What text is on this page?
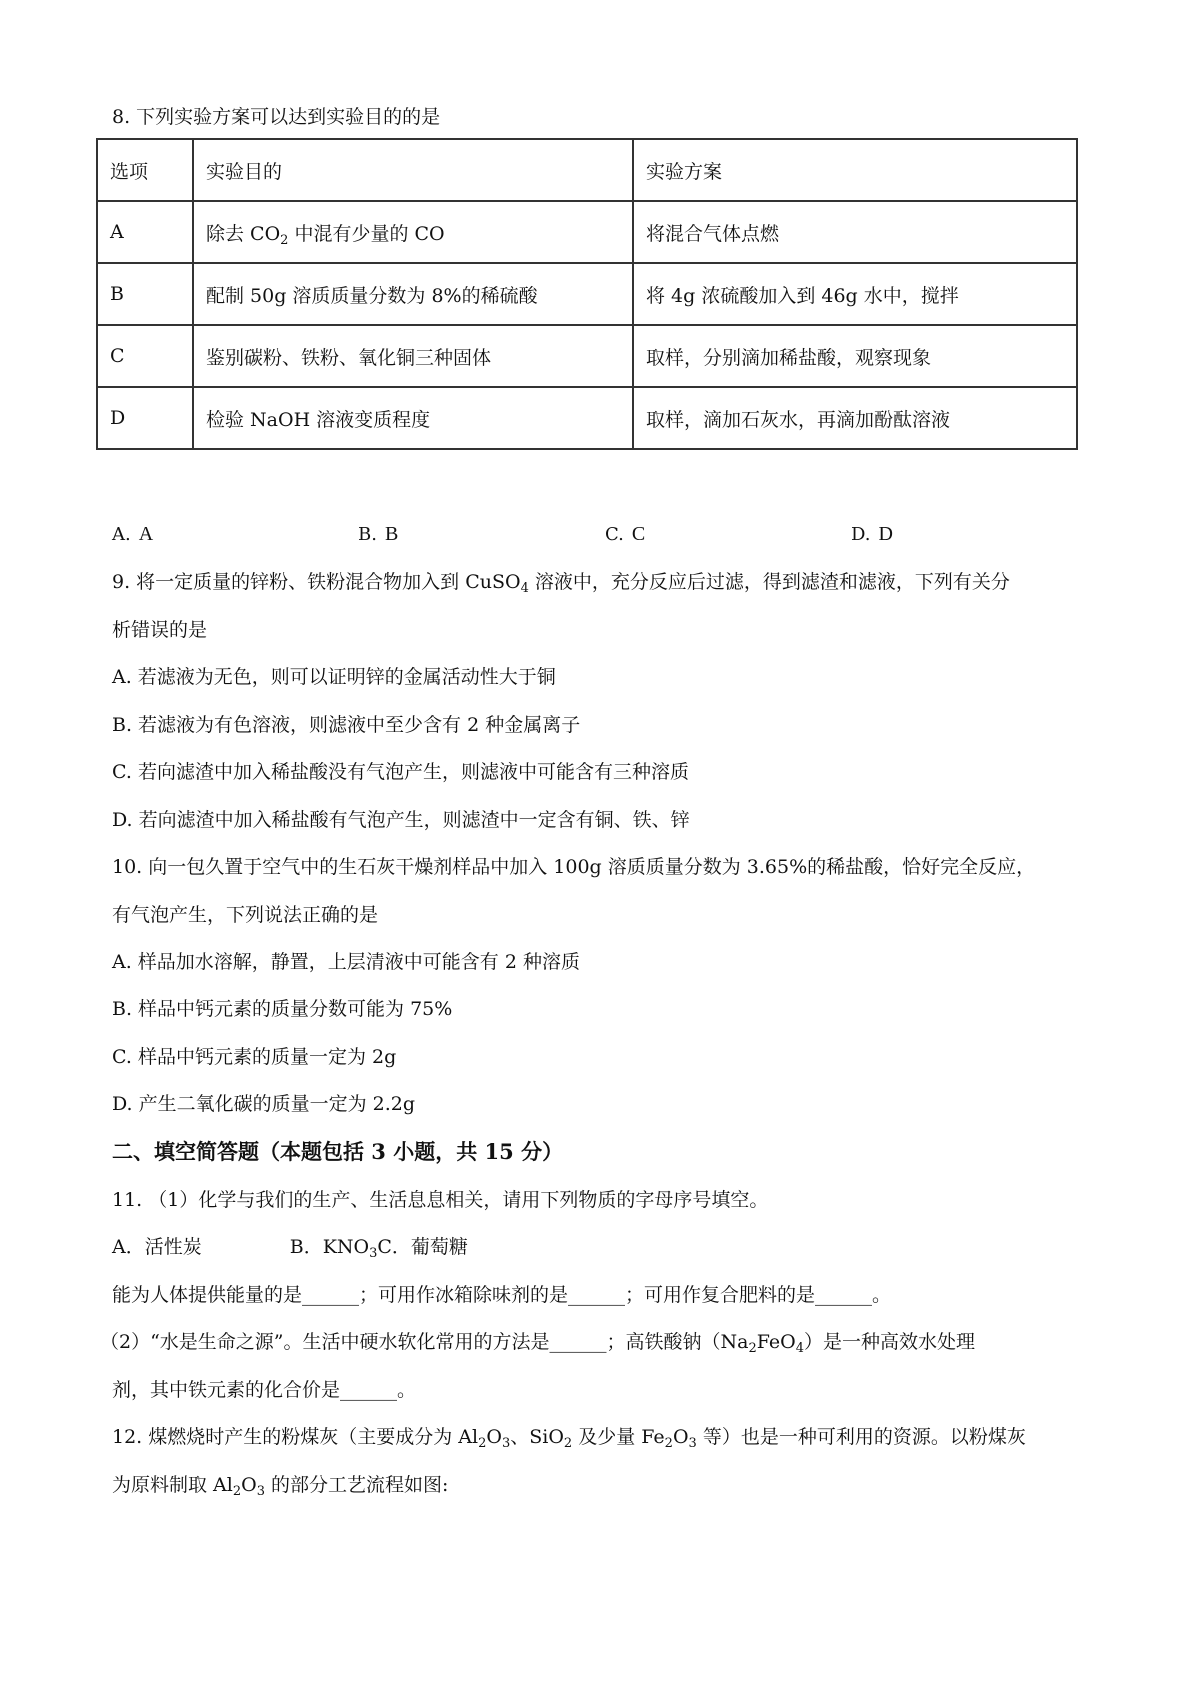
8. 下列实验方案可以达到实验目的的是
选项	实验目的	实验方案
A	除去 $CO_2$ 中混有少量的 CO	将混合气体点燃
B	配制 50g 溶质质量分数为 8%的稀硫酸	将 4g 浓硫酸加入到 46g 水中，搅拌
C	鉴别碳粉、铁粉、氧化铜三种固体	取样，分别滴加稀盐酸，观察现象
D	检验 NaOH 溶液变质程度	取样，滴加石灰水，再滴加酚酞溶液
A. A	B. B	C. C	D. D
9. 将一定质量的锌粉、铁粉混合物加入到 CuSO$_4$ 溶液中，充分反应后过滤，得到滤渣和滤液，下列有关分
析错误的是
A. 若滤液为无色，则可以证明锌的金属活动性大于铜
B. 若滤液为有色溶液，则滤液中至少含有 2 种金属离子
C. 若向滤渣中加入稀盐酸没有气泡产生，则滤液中可能含有三种溶质
D. 若向滤渣中加入稀盐酸有气泡产生，则滤渣中一定含有铜、铁、锌
10. 向一包久置于空气中的生石灰干燥剂样品中加入 100g 溶质质量分数为 3.65%的稀盐酸，恰好完全反应，
有气泡产生，下列说法正确的是
A. 样品加水溶解，静置，上层清液中可能含有 2 种溶质
B. 样品中钙元素的质量分数可能为 75%
C. 样品中钙元素的质量一定为 2g
D. 产生二氧化碳的质量一定为 2.2g
二、填空简答题（本题包括 3 小题，共 15 分）
11. （1）化学与我们的生产、生活息息相关，请用下列物质的字母序号填空。
A．活性炭	B．$KNO_3C$．葡萄糖
能为人体提供能量的是______；可用作冰箱除味剂的是______；可用作复合肥料的是______。
（2）“水是生命之源”。生活中硬水软化常用的方法是______；高铁酸钠$(Na_2FeO_4)$是一种高效水处理
剂，其中铁元素的化合价是______。
12. 煤燃烧时产生的粉煤灰（主要成分为 $Al_2O_3$、SiO$_2$ 及少量 $Fe_2O_3$ 等）也是一种可利用的资源。以粉煤灰
为原料制取 $Al_2O_3$ 的部分工艺流程如图:
